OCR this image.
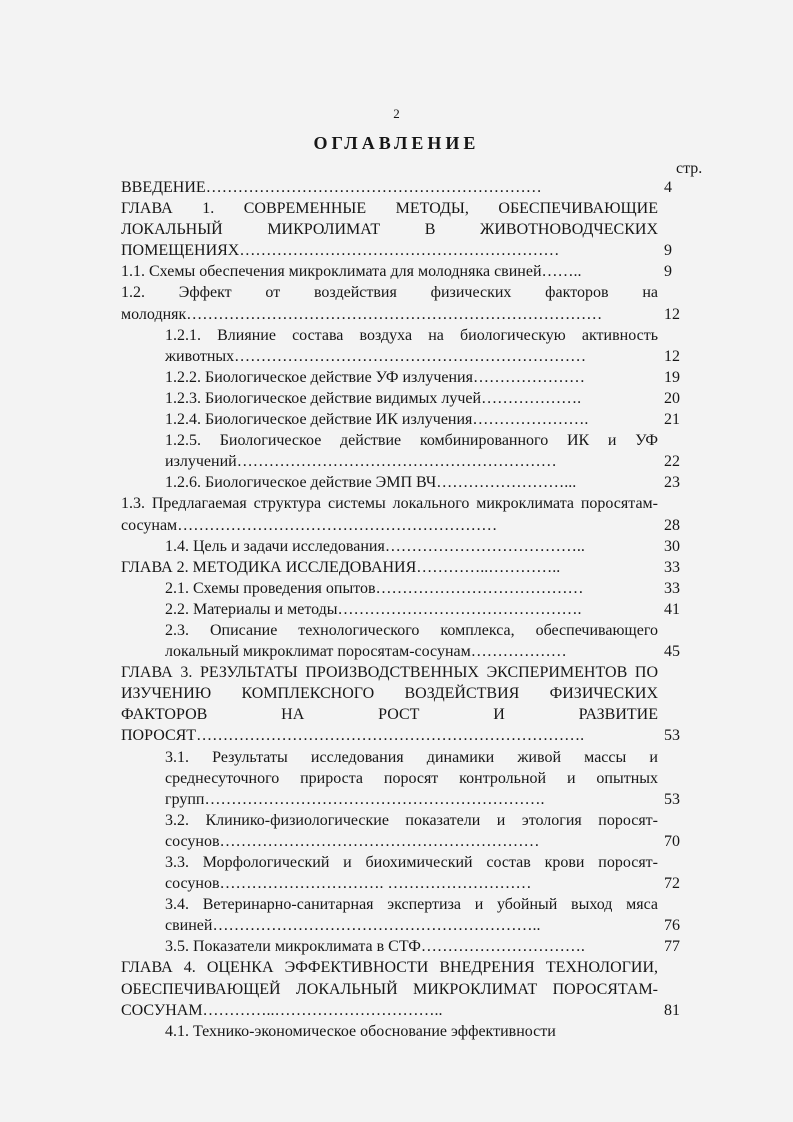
2
ОГЛАВЛЕНИЕ
стр.
ВВЕДЕНИЕ………………………………………………………	4
ГЛАВА 1. СОВРЕМЕННЫЕ МЕТОДЫ, ОБЕСПЕЧИВАЮЩИЕ ЛОКАЛЬНЫЙ МИКРОЛИМАТ В ЖИВОТНОВОДЧЕСКИХ ПОМЕЩЕНИЯХ……………………………………………………	9
1.1. Схемы обеспечения микроклимата для молодняка свиней……..	9
1.2. Эффект от воздействия физических факторов на молодняк……………………………………………………………………	12
1.2.1. Влияние состава воздуха на биологическую активность животных…………………………………………………………	12
1.2.2. Биологическое действие УФ излучения…………………	19
1.2.3. Биологическое действие видимых лучей……………….	20
1.2.4. Биологическое действие ИК излучения………………….	21
1.2.5. Биологическое действие комбинированного ИК и УФ излучений……………………………………………………	22
1.2.6. Биологическое действие ЭМП ВЧ……………………...	23
1.3. Предлагаемая структура системы локального микроклимата поросятам-сосунам……………………………………………………	28
1.4. Цель и задачи исследования………………………………..	30
ГЛАВА 2. МЕТОДИКА ИССЛЕДОВАНИЯ…………..…………..	33
2.1. Схемы проведения опытов…………………………………	33
2.2. Материалы и методы……………………………………….	41
2.3. Описание технологического комплекса, обеспечивающего локальный микроклимат поросятам-сосунам………………	45
ГЛАВА 3. РЕЗУЛЬТАТЫ ПРОИЗВОДСТВЕННЫХ ЭКСПЕРИМЕНТОВ ПО ИЗУЧЕНИЮ КОМПЛЕКСНОГО ВОЗДЕЙСТВИЯ ФИЗИЧЕСКИХ ФАКТОРОВ НА РОСТ И РАЗВИТИЕ ПОРОСЯТ……………………………………………………………….	53
3.1. Результаты исследования динамики живой массы и среднесуточного прироста поросят контрольной и опытных групп……………………………………………………….	53
3.2. Клинико-физиологические показатели и этология поросят-сосунов……………………………………………………	70
3.3. Морфологический и биохимический состав крови поросят-сосунов…………………………. ………………………	72
3.4. Ветеринарно-санитарная экспертиза и убойный выход мяса свиней……………………………………………………..	76
3.5. Показатели микроклимата в СТФ………………………….	77
ГЛАВА 4. ОЦЕНКА ЭФФЕКТИВНОСТИ ВНЕДРЕНИЯ ТЕХНОЛОГИИ, ОБЕСПЕЧИВАЮЩЕЙ ЛОКАЛЬНЫЙ МИКРОКЛИМАТ ПОРОСЯТАМ-СОСУНАМ…………..…………………………..	81
4.1. Технико-экономическое обоснование эффективности
